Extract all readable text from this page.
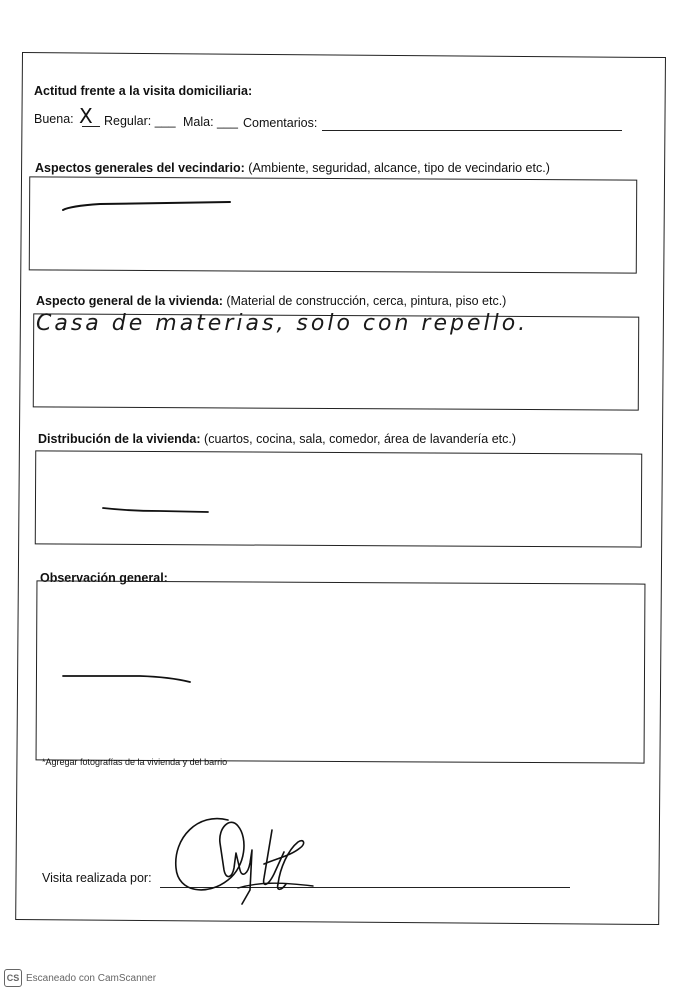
Actitud frente a la visita domiciliaria:
Buena: X Regular: ___ Mala: ___ Comentarios:
Aspectos generales del vecindario: (Ambiente, seguridad, alcance, tipo de vecindario etc.)
Aspecto general de la vivienda: (Material de construcción, cerca, pintura, piso etc.)
Casa de materias, solo con repello.
Distribución de la vivienda: (cuartos, cocina, sala, comedor, área de lavandería etc.)
Observación general:
*Agregar fotografías de la vivienda y del barrio
Visita realizada por:
CS Escaneado con CamScanner
